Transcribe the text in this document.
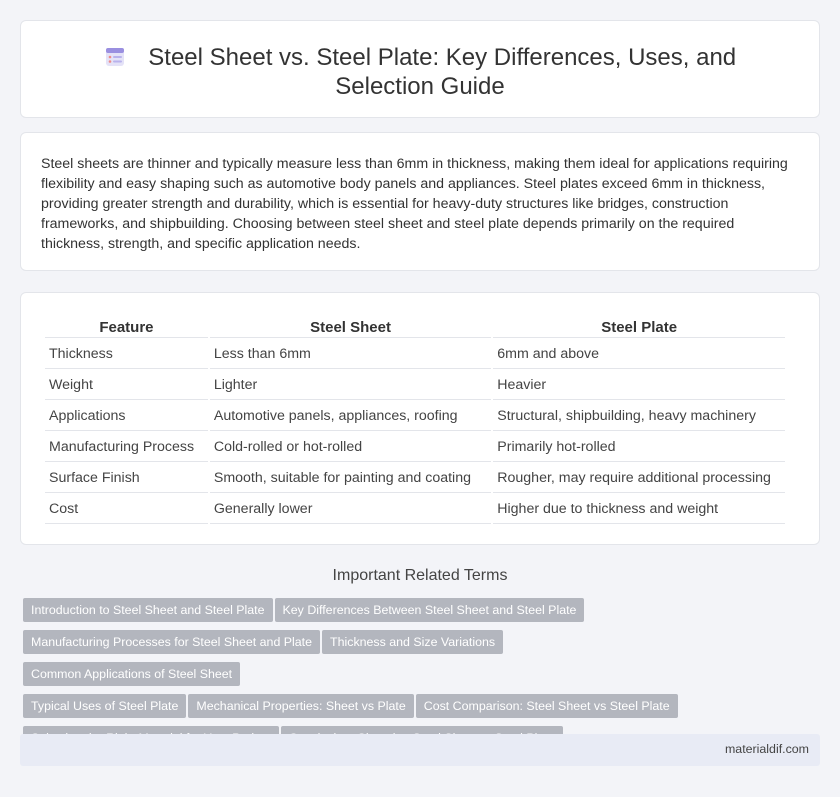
Steel Sheet vs. Steel Plate: Key Differences, Uses, and Selection Guide

Steel sheets are thinner and typically measure less than 6mm in thickness, making them ideal for applications requiring flexibility and easy shaping such as automotive body panels and appliances. Steel plates exceed 6mm in thickness, providing greater strength and durability, which is essential for heavy-duty structures like bridges, construction frameworks, and shipbuilding. Choosing between steel sheet and steel plate depends primarily on the required thickness, strength, and specific application needs.

Feature	Steel Sheet	Steel Plate
Thickness	Less than 6mm	6mm and above
Weight	Lighter	Heavier
Applications	Automotive panels, appliances, roofing	Structural, shipbuilding, heavy machinery
Manufacturing Process	Cold-rolled or hot-rolled	Primarily hot-rolled
Surface Finish	Smooth, suitable for painting and coating	Rougher, may require additional processing
Cost	Generally lower	Higher due to thickness and weight
Important Related Terms
Introduction to Steel Sheet and Steel Plate Key Differences Between Steel Sheet and Steel Plate
Manufacturing Processes for Steel Sheet and Plate Thickness and Size VariationsCommon Applications of Steel Sheet
Typical Uses of Steel Plate Mechanical Properties: Sheet vs Plate Cost Comparison: Steel Sheet vs Steel Plate

materialdif.com
